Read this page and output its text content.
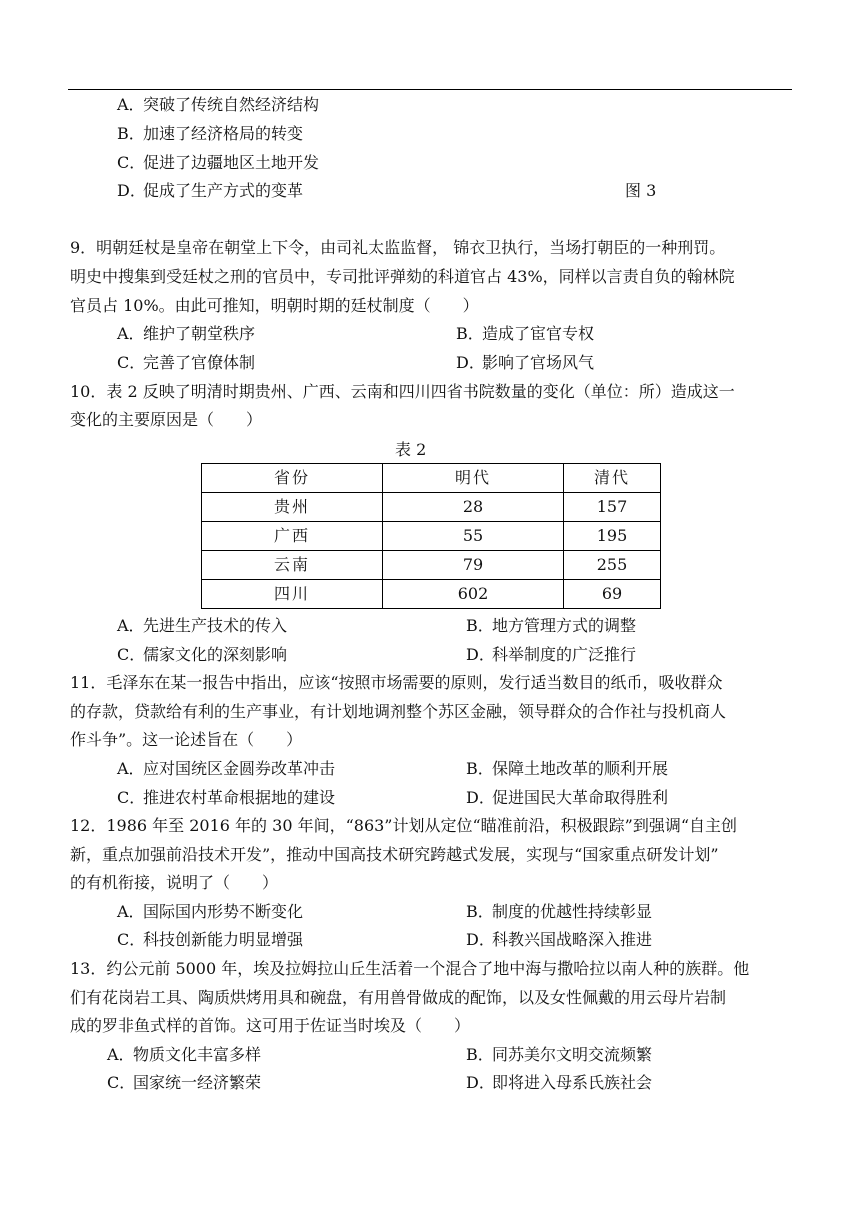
A．突破了传统自然经济结构
B．加速了经济格局的转变
C．促进了边疆地区土地开发
D．促成了生产方式的变革	图 3
9．明朝廷杖是皇帝在朝堂上下令，由司礼太监监督， 锦衣卫执行，当场打朝臣的一种刑罚。
明史中搜集到受廷杖之刑的官员中，专司批评弹劾的科道官占 43%，同样以言责自负的翰林院
官员占 10%。由此可推知，明朝时期的廷杖制度（　　）
A．维护了朝堂秩序	B．造成了宦官专权
C．完善了官僚体制	D．影响了官场风气
10．表 2 反映了明清时期贵州、广西、云南和四川四省书院数量的变化（单位：所）造成这一
变化的主要原因是（　　）
表 2
省份	明代	清代
贵州	28	157
广西	55	195
云南	79	255
四川	602	69
A．先进生产技术的传入	B．地方管理方式的调整
C．儒家文化的深刻影响	D．科举制度的广泛推行
11．毛泽东在某一报告中指出，应该“按照市场需要的原则，发行适当数目的纸币，吸收群众
的存款，贷款给有利的生产事业，有计划地调剂整个苏区金融，领导群众的合作社与投机商人
作斗争”。这一论述旨在（　　）
A．应对国统区金圆券改革冲击	B．保障土地改革的顺利开展
C．推进农村革命根据地的建设	D．促进国民大革命取得胜利
12．1986 年至 2016 年的 30 年间，“863”计划从定位“瞄准前沿，积极跟踪”到强调“自主创
新，重点加强前沿技术开发”，推动中国高技术研究跨越式发展，实现与“国家重点研发计划”
的有机衔接，说明了（　　）
A．国际国内形势不断变化	B．制度的优越性持续彰显
C．科技创新能力明显增强	D．科教兴国战略深入推进
13．约公元前 5000 年，埃及拉姆拉山丘生活着一个混合了地中海与撒哈拉以南人种的族群。他
们有花岗岩工具、陶质烘烤用具和碗盘，有用兽骨做成的配饰，以及女性佩戴的用云母片岩制
成的罗非鱼式样的首饰。这可用于佐证当时埃及（　　）
A．物质文化丰富多样	B．同苏美尔文明交流频繁
C．国家统一经济繁荣	D．即将进入母系氏族社会
